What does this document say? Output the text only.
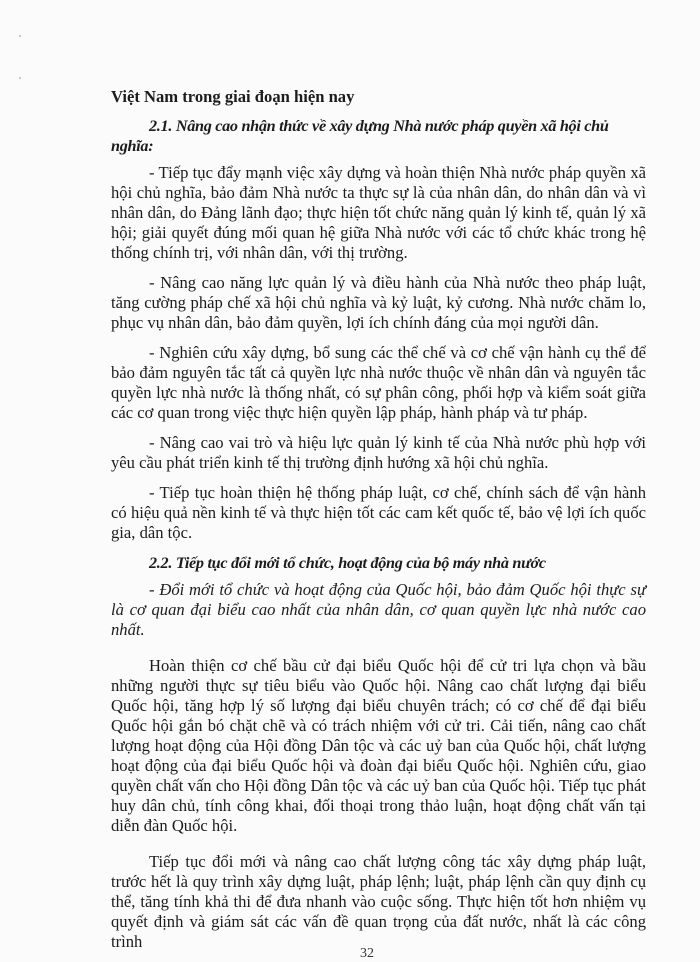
Việt Nam trong giai đoạn hiện nay
2.1. Nâng cao nhận thức về xây dựng Nhà nước pháp quyền xã hội chủ nghĩa:

- Tiếp tục đẩy mạnh việc xây dựng và hoàn thiện Nhà nước pháp quyền xã hội chủ nghĩa, bảo đảm Nhà nước ta thực sự là của nhân dân, do nhân dân và vì nhân dân, do Đảng lãnh đạo; thực hiện tốt chức năng quản lý kinh tế, quản lý xã hội; giải quyết đúng mối quan hệ giữa Nhà nước với các tổ chức khác trong hệ thống chính trị, với nhân dân, với thị trường.

- Nâng cao năng lực quản lý và điều hành của Nhà nước theo pháp luật, tăng cường pháp chế xã hội chủ nghĩa và kỷ luật, kỷ cương. Nhà nước chăm lo, phục vụ nhân dân, bảo đảm quyền, lợi ích chính đáng của mọi người dân.

- Nghiên cứu xây dựng, bổ sung các thể chế và cơ chế vận hành cụ thể để bảo đảm nguyên tắc tất cả quyền lực nhà nước thuộc về nhân dân và nguyên tắc quyền lực nhà nước là thống nhất, có sự phân công, phối hợp và kiểm soát giữa các cơ quan trong việc thực hiện quyền lập pháp, hành pháp và tư pháp.

- Nâng cao vai trò và hiệu lực quản lý kinh tế của Nhà nước phù hợp với yêu cầu phát triển kinh tế thị trường định hướng xã hội chủ nghĩa.

- Tiếp tục hoàn thiện hệ thống pháp luật, cơ chế, chính sách để vận hành có hiệu quả nền kinh tế và thực hiện tốt các cam kết quốc tế, bảo vệ lợi ích quốc gia, dân tộc.

2.2. Tiếp tục đổi mới tổ chức, hoạt động của bộ máy nhà nước

- Đổi mới tổ chức và hoạt động của Quốc hội, bảo đảm Quốc hội thực sự là cơ quan đại biểu cao nhất của nhân dân, cơ quan quyền lực nhà nước cao nhất.

Hoàn thiện cơ chế bầu cử đại biểu Quốc hội để cử tri lựa chọn và bầu những người thực sự tiêu biểu vào Quốc hội. Nâng cao chất lượng đại biểu Quốc hội, tăng hợp lý số lượng đại biểu chuyên trách; có cơ chế để đại biểu Quốc hội gắn bó chặt chẽ và có trách nhiệm với cử tri. Cải tiến, nâng cao chất lượng hoạt động của Hội đồng Dân tộc và các uỷ ban của Quốc hội, chất lượng hoạt động của đại biểu Quốc hội và đoàn đại biểu Quốc hội. Nghiên cứu, giao quyền chất vấn cho Hội đồng Dân tộc và các uỷ ban của Quốc hội. Tiếp tục phát huy dân chủ, tính công khai, đối thoại trong thảo luận, hoạt động chất vấn tại diễn đàn Quốc hội.

Tiếp tục đổi mới và nâng cao chất lượng công tác xây dựng pháp luật, trước hết là quy trình xây dựng luật, pháp lệnh; luật, pháp lệnh cần quy định cụ thể, tăng tính khả thi để đưa nhanh vào cuộc sống. Thực hiện tốt hơn nhiệm vụ quyết định và giám sát các vấn đề quan trọng của đất nước, nhất là các công trình

32
